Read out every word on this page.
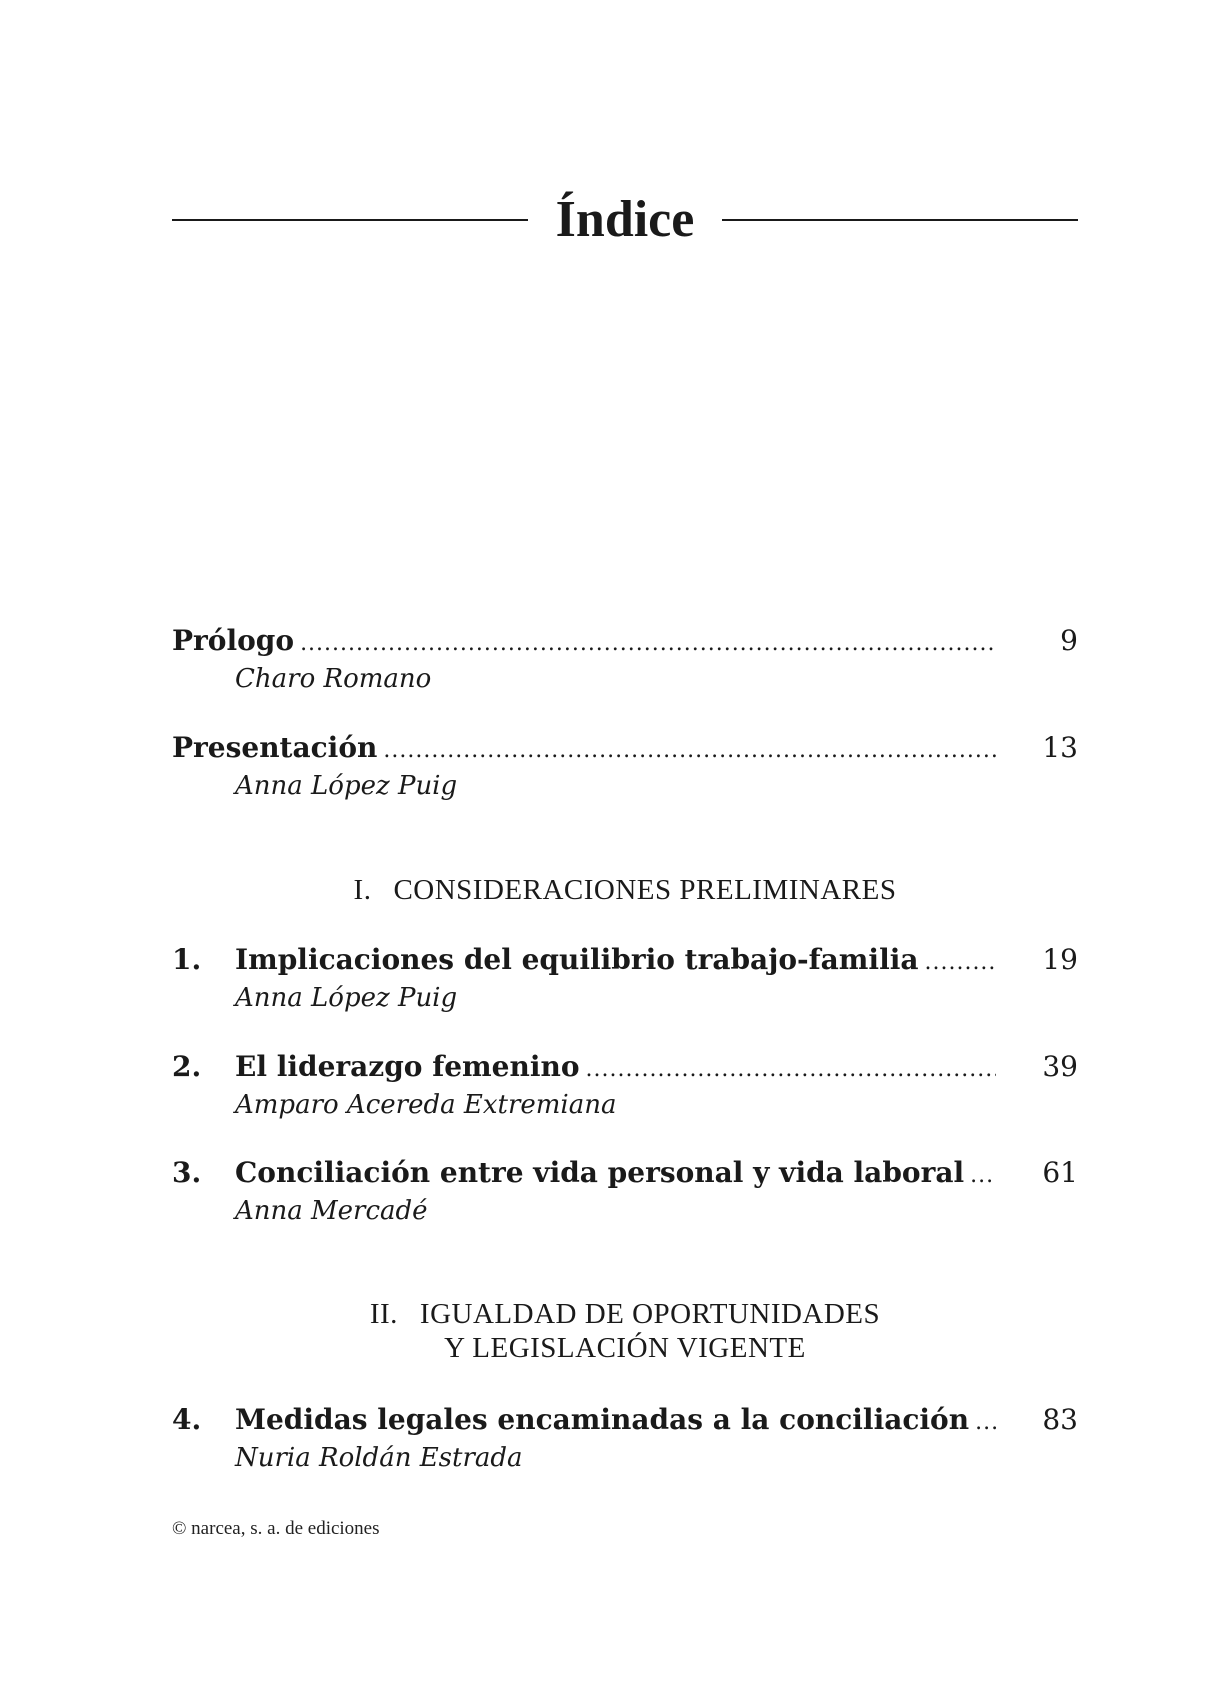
Índice
Prólogo .....	9
Charo Romano
Presentación .....	13
Anna López Puig
I. CONSIDERACIONES PRELIMINARES
1.	Implicaciones del equilibrio trabajo-familia .....	19
Anna López Puig
2.	El liderazgo femenino .....	39
Amparo Acereda Extremiana
3.	Conciliación entre vida personal y vida laboral .....	61
Anna Mercadé
II. IGUALDAD DE OPORTUNIDADES
Y LEGISLACIÓN VIGENTE
4.	Medidas legales encaminadas a la conciliación .....	83
Nuria Roldán Estrada
© narcea, s. a. de ediciones
